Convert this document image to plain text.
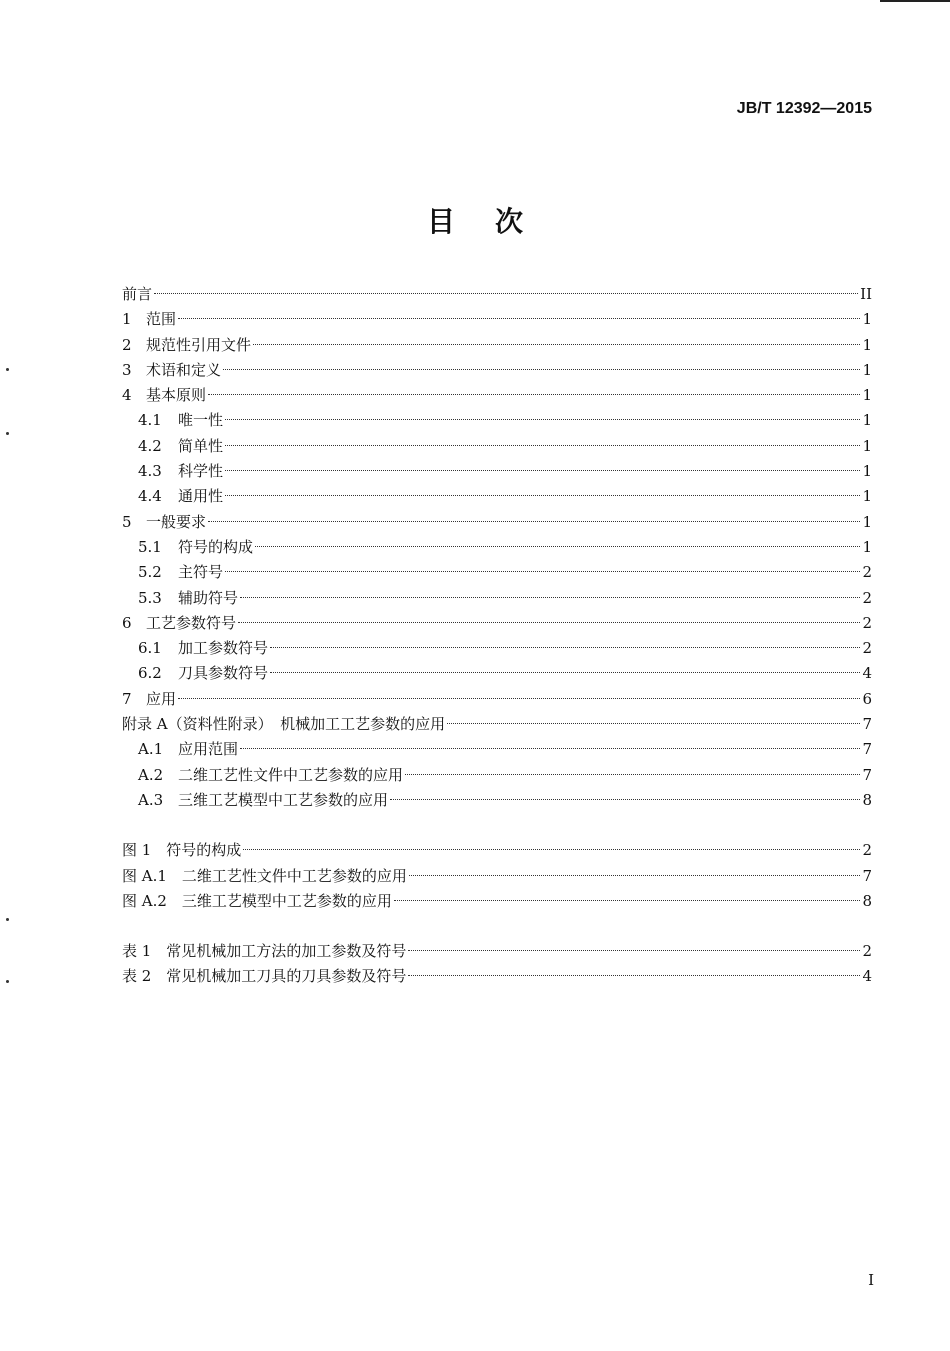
JB/T 12392—2015
目次
前言	II
1 范围	1
2 规范性引用文件	1
3 术语和定义	1
4 基本原则	1
4.1	唯一性	1
4.2	简单性	1
4.3	科学性	1
4.4	通用性	1
5 一般要求	1
5.1	符号的构成	1
5.2	主符号	2
5.3	辅助符号	2
6 工艺参数符号	2
6.1	加工参数符号	2
6.2	刀具参数符号	4
7 应用	6
附录 A（资料性附录）　机械加工工艺参数的应用	7
A.1 应用范围	7
A.2 二维工艺性文件中工艺参数的应用	7
A.3 三维工艺模型中工艺参数的应用	8
图 1　符号的构成	2
图 A.1　二维工艺性文件中工艺参数的应用	7
图 A.2　三维工艺模型中工艺参数的应用	8
表 1　常见机械加工方法的加工参数及符号	2
表 2　常见机械加工刀具的刀具参数及符号	4
I
